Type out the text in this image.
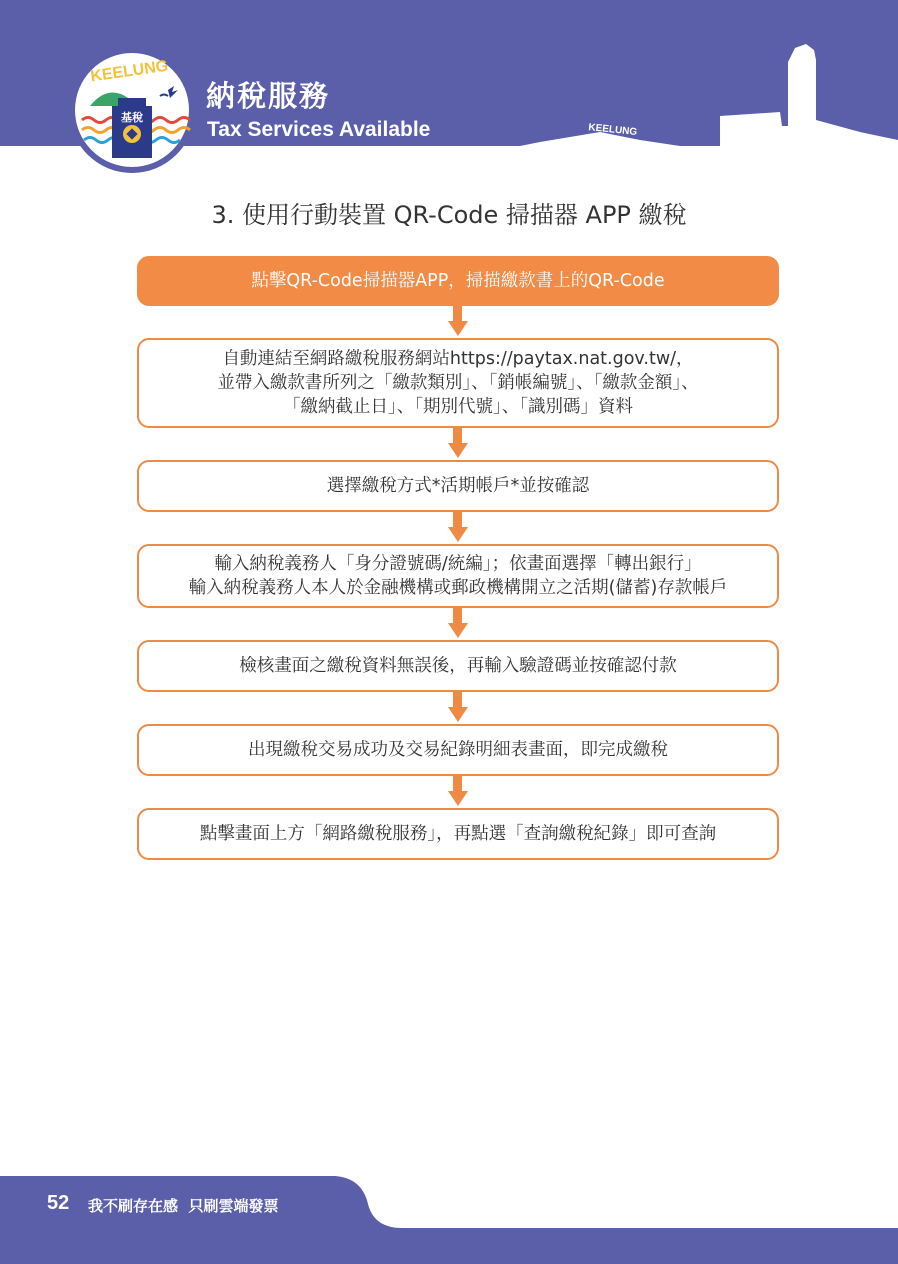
基稅
KEELUNG
納稅服務
Tax Services Available	KEELUNG
3. 使用行動裝置 QR-Code 掃描器 APP 繳稅
點擊QR-Code掃描器APP，掃描繳款書上的QR-Code
自動連結至網路繳稅服務網站https://paytax.nat.gov.tw/，
並帶入繳款書所列之「繳款類別」、「銷帳編號」、「繳款金額」、
「繳納截止日」、「期別代號」、「識別碼」資料
選擇繳稅方式*活期帳戶*並按確認
輸入納稅義務人「身分證號碼/統編」；依畫面選擇「轉出銀行」
輸入納稅義務人本人於金融機構或郵政機構開立之活期(儲蓄)存款帳戶
檢核畫面之繳稅資料無誤後，再輸入驗證碼並按確認付款
出現繳稅交易成功及交易紀錄明細表畫面，即完成繳稅
點擊畫面上方「網路繳稅服務」，再點選「查詢繳稅紀錄」即可查詢
52 我不刷存在感  只刷雲端發票
